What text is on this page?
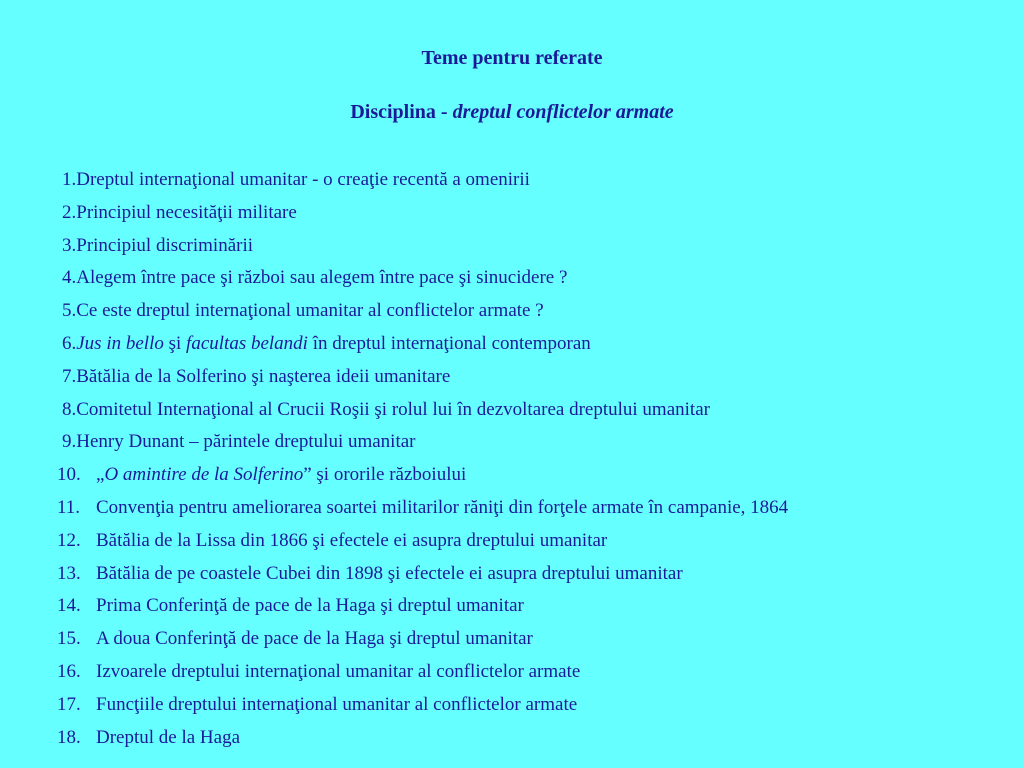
Teme pentru referate
Disciplina - dreptul conflictelor armate
1.Dreptul internaţional umanitar - o creaţie recentă a omenirii
2.Principiul necesităţii militare
3.Principiul discriminării
4.Alegem între pace şi război sau alegem între pace şi sinucidere ?
5.Ce este dreptul internaţional umanitar al conflictelor armate ?
6.Jus in bello şi facultas belandi în dreptul internaţional contemporan
7.Bătălia de la Solferino şi naşterea ideii umanitare
8.Comitetul Internaţional al Crucii Roşii şi rolul lui în dezvoltarea dreptului umanitar
9.Henry Dunant – părintele dreptului umanitar
10. „O amintire de la Solferino” şi ororile războiului
11. Convenţia pentru ameliorarea soartei militarilor răniţi din forţele armate în campanie, 1864
12. Bătălia de la Lissa din 1866 şi efectele ei asupra dreptului umanitar
13. Bătălia de pe coastele Cubei din 1898 şi efectele ei asupra dreptului umanitar
14. Prima Conferinţă de pace de la Haga şi dreptul umanitar
15. A doua Conferinţă de pace de la Haga şi dreptul umanitar
16. Izvoarele dreptului internaţional umanitar al conflictelor armate
17. Funcţiile dreptului internaţional umanitar al conflictelor armate
18. Dreptul de la Haga
